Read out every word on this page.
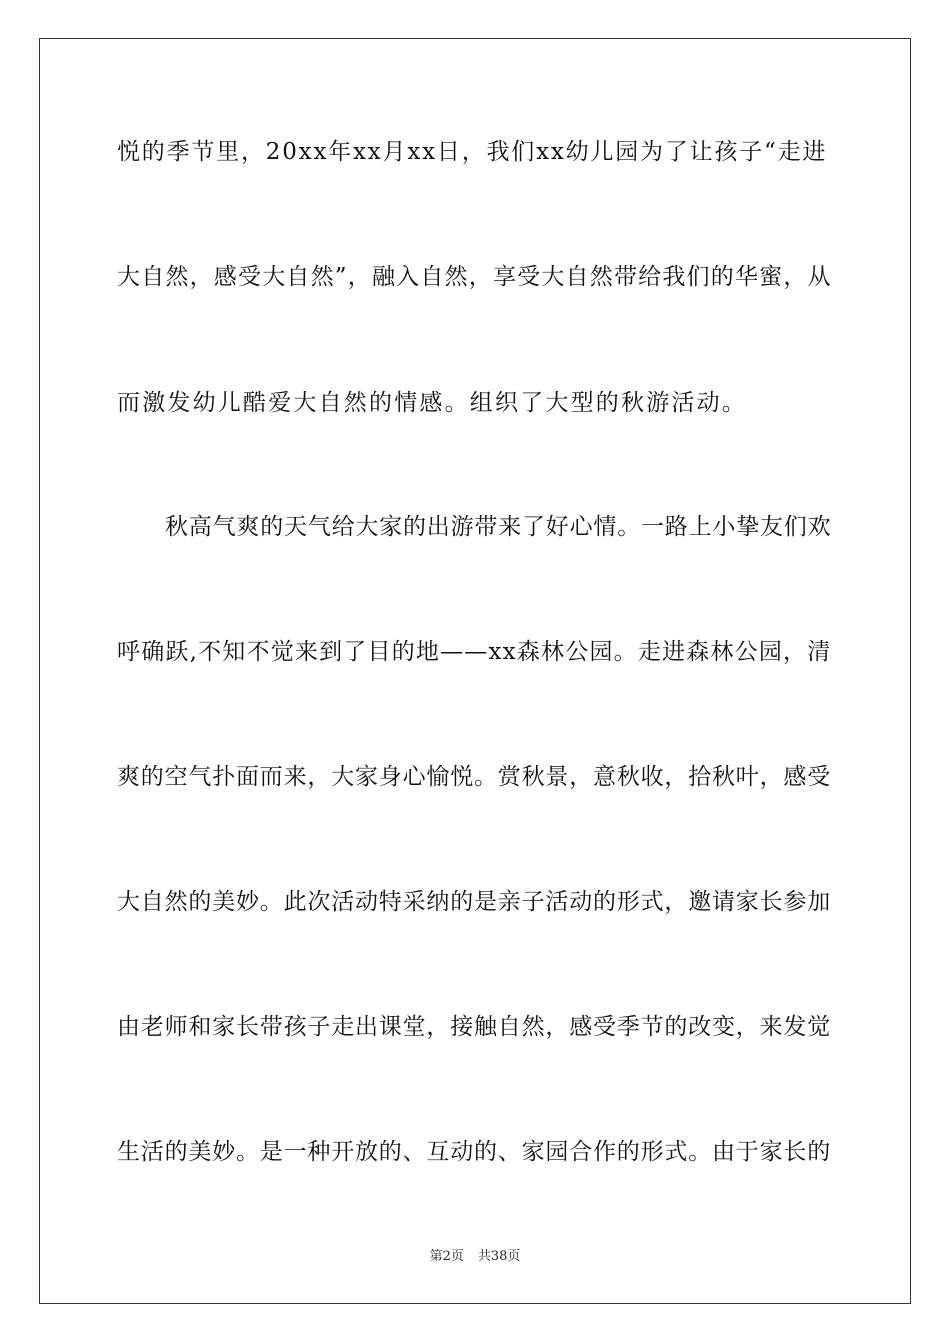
悦的季节里，20xx年xx月xx日，我们xx幼儿园为了让孩子“走进
大自然，感受大自然”，融入自然，享受大自然带给我们的华蜜，从
而激发幼儿酷爱大自然的情感。组织了大型的秋游活动。
秋高气爽的天气给大家的出游带来了好心情。一路上小挚友们欢
呼确跃,不知不觉来到了目的地——xx森林公园。走进森林公园，清
爽的空气扑面而来，大家身心愉悦。赏秋景，意秋收，拾秋叶，感受
大自然的美妙。此次活动特采纳的是亲子活动的形式，邀请家长参加
由老师和家长带孩子走出课堂，接触自然，感受季节的改变，来发觉
生活的美妙。是一种开放的、互动的、家园合作的形式。由于家长的
第2页 共38页
